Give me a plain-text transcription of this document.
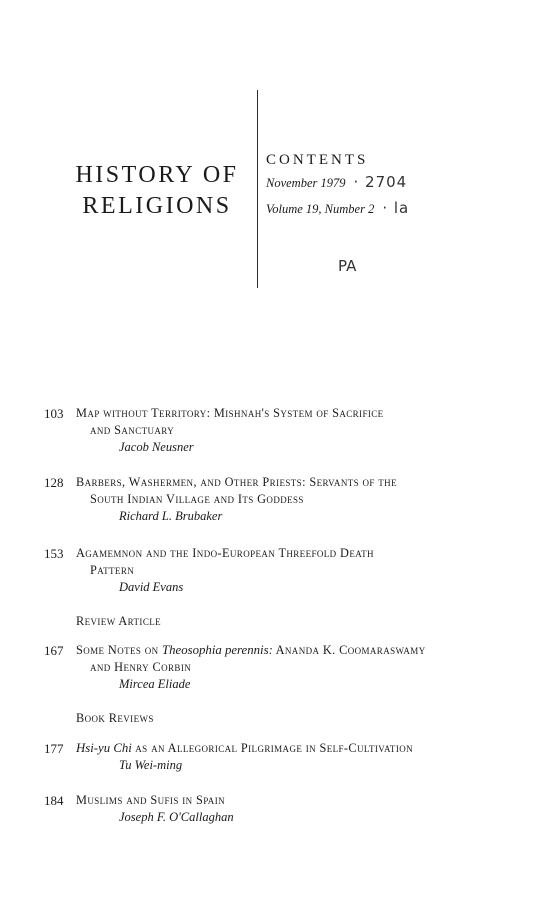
HISTORY OF
RELIGIONS
CONTENTS
November 1979 · 2704
Volume 19, Number 2 · la
PA
103 Map without Territory: Mishnah's System of Sacrifice
and Sanctuary
Jacob Neusner
128 Barbers, Washermen, and Other Priests: Servants of the
South Indian Village and Its Goddess
Richard L. Brubaker
153 Agamemnon and the Indo-European Threefold Death
Pattern
David Evans
Review Article
167 Some Notes on Theosophia perennis: Ananda K. Coomaraswamy
and Henry Corbin
Mircea Eliade
Book Reviews
177 Hsi-yu Chi as an Allegorical Pilgrimage in Self-Cultivation
Tu Wei-ming
184 Muslims and Sufis in Spain
Joseph F. O'Callaghan
